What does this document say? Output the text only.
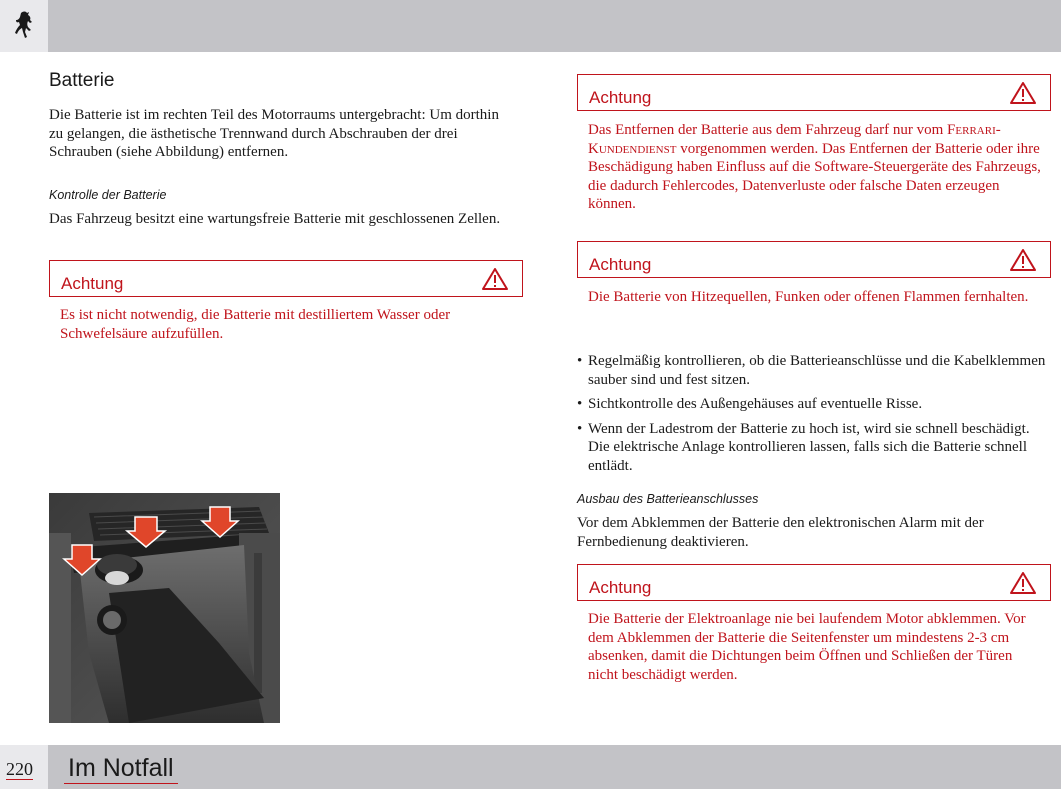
Batterie

Die Batterie ist im rechten Teil des Motorraums untergebracht: Um dorthin zu gelangen, die ästhetische Trennwand durch Abschrauben der drei Schrauben (siehe Abbildung) entfernen.

Kontrolle der Batterie

Das Fahrzeug besitzt eine wartungsfreie Batterie mit geschlossenen Zellen.

Achtung

Es ist nicht notwendig, die Batterie mit destilliertem Wasser oder Schwefelsäure aufzufüllen.

Achtung

Das Entfernen der Batterie aus dem Fahrzeug darf nur vom Ferrari-Kundendienst vorgenommen werden. Das Entfernen der Batterie oder ihre Beschädigung haben Einfluss auf die Software-Steuergeräte des Fahrzeugs, die dadurch Fehlercodes, Datenverluste oder falsche Daten erzeugen können.

Achtung

Die Batterie von Hitzequellen, Funken oder offenen Flammen fernhalten.

• Regelmäßig kontrollieren, ob die Batterieanschlüsse und die Kabelklemmen sauber sind und fest sitzen.
• Sichtkontrolle des Außengehäuses auf eventuelle Risse.
• Wenn der Ladestrom der Batterie zu hoch ist, wird sie schnell beschädigt. Die elektrische Anlage kontrollieren lassen, falls sich die Batterie schnell entlädt.
Ausbau des Batterieanschlusses

Vor dem Abklemmen der Batterie den elektronischen Alarm mit der Fernbedienung deaktivieren.

Achtung

Die Batterie der Elektroanlage nie bei laufendem Motor abklemmen. Vor dem Abklemmen der Batterie die Seitenfenster um mindestens 2-3 cm absenken, damit die Dichtungen beim Öffnen und Schließen der Türen nicht beschädigt werden.

220 Im Notfall
